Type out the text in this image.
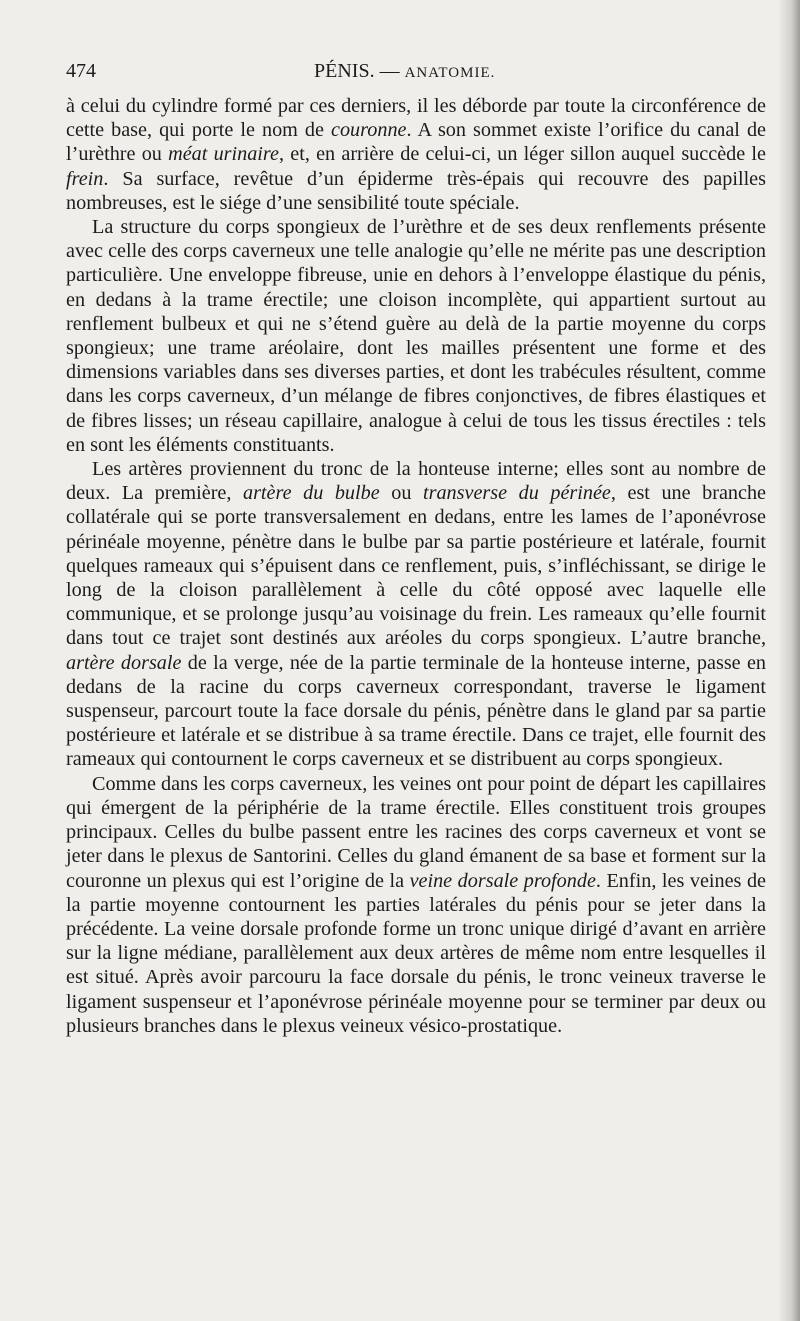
474	PÉNIS. — ANATOMIE.

à celui du cylindre formé par ces derniers, il les déborde par toute la circonférence de cette base, qui porte le nom de couronne. A son sommet existe l’orifice du canal de l’urèthre ou méat urinaire, et, en arrière de celui-ci, un léger sillon auquel succède le frein. Sa surface, revêtue d’un épiderme très-épais qui recouvre des papilles nombreuses, est le siége d’une sensibilité toute spéciale.

La structure du corps spongieux de l’urèthre et de ses deux renflements présente avec celle des corps caverneux une telle analogie qu’elle ne mérite pas une description particulière. Une enveloppe fibreuse, unie en dehors à l’enveloppe élastique du pénis, en dedans à la trame érectile; une cloison incomplète, qui appartient surtout au renflement bulbeux et qui ne s’étend guère au delà de la partie moyenne du corps spongieux; une trame aréolaire, dont les mailles présentent une forme et des dimensions variables dans ses diverses parties, et dont les trabécules résultent, comme dans les corps caverneux, d’un mélange de fibres conjonctives, de fibres élastiques et de fibres lisses; un réseau capillaire, analogue à celui de tous les tissus érectiles : tels en sont les éléments constituants.

Les artères proviennent du tronc de la honteuse interne; elles sont au nombre de deux. La première, artère du bulbe ou transverse du périnée, est une branche collatérale qui se porte transversalement en dedans, entre les lames de l’aponévrose périnéale moyenne, pénètre dans le bulbe par sa partie postérieure et latérale, fournit quelques rameaux qui s’épuisent dans ce renflement, puis, s’infléchissant, se dirige le long de la cloison parallèlement à celle du côté opposé avec laquelle elle communique, et se prolonge jusqu’au voisinage du frein. Les rameaux qu’elle fournit dans tout ce trajet sont destinés aux aréoles du corps spongieux. L’autre branche, artère dorsale de la verge, née de la partie terminale de la honteuse interne, passe en dedans de la racine du corps caverneux correspondant, traverse le ligament suspenseur, parcourt toute la face dorsale du pénis, pénètre dans le gland par sa partie postérieure et latérale et se distribue à sa trame érectile. Dans ce trajet, elle fournit des rameaux qui contournent le corps caverneux et se distribuent au corps spongieux.

Comme dans les corps caverneux, les veines ont pour point de départ les capillaires qui émergent de la périphérie de la trame érectile. Elles constituent trois groupes principaux. Celles du bulbe passent entre les racines des corps caverneux et vont se jeter dans le plexus de Santorini. Celles du gland émanent de sa base et forment sur la couronne un plexus qui est l’origine de la veine dorsale profonde. Enfin, les veines de la partie moyenne contournent les parties latérales du pénis pour se jeter dans la précédente. La veine dorsale profonde forme un tronc unique dirigé d’avant en arrière sur la ligne médiane, parallèlement aux deux artères de même nom entre lesquelles il est situé. Après avoir parcouru la face dorsale du pénis, le tronc veineux traverse le ligament suspenseur et l’aponévrose périnéale moyenne pour se terminer par deux ou plusieurs branches dans le plexus veineux vésico-prostatique.
